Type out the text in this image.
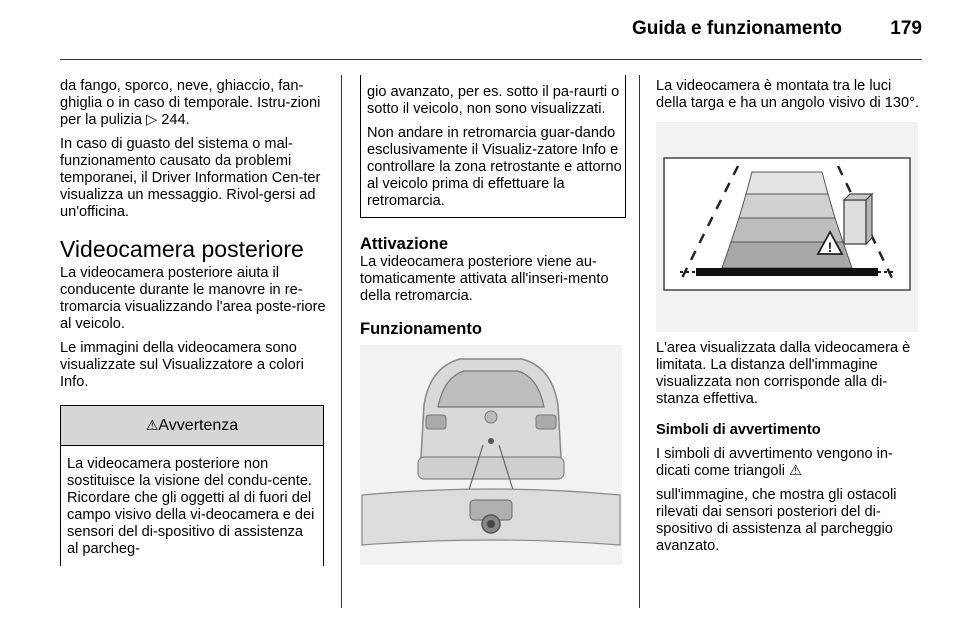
Guida e funzionamento	179

da fango, sporco, neve, ghiaccio, fan-ghiglia o in caso di temporale. Istru-zioni per la pulizia ▷ 244.

In caso di guasto del sistema o mal-funzionamento causato da problemi temporanei, il Driver Information Cen-ter visualizza un messaggio. Rivol-gersi ad un'officina.

Videocamera posteriore

La videocamera posteriore aiuta il conducente durante le manovre in re-tromarcia visualizzando l'area poste-riore al veicolo.

Le immagini della videocamera sono visualizzate sul Visualizzatore a colori Info.

⚠Avvertenza
La videocamera posteriore non sostituisce la visione del condu-cente. Ricordare che gli oggetti al di fuori del campo visivo della vi-deocamera e dei sensori del di-spositivo di assistenza al parcheg-

gio avanzato, per es. sotto il pa-raurti o sotto il veicolo, non sono visualizzati.

Non andare in retromarcia guar-dando esclusivamente il Visualiz-zatore Info e controllare la zona retrostante e attorno al veicolo prima di effettuare la retromarcia.

Attivazione

La videocamera posteriore viene au-tomaticamente attivata all'inseri-mento della retromarcia.

Funzionamento

La videocamera è montata tra le luci della targa e ha un angolo visivo di 130°.

!

L'area visualizzata dalla videocamera è limitata. La distanza dell'immagine visualizzata non corrisponde alla di-stanza effettiva.

Simboli di avvertimento

I simboli di avvertimento vengono in-dicati come triangoli ⚠

sull'immagine, che mostra gli ostacoli rilevati dai sensori posteriori del di-spositivo di assistenza al parcheggio avanzato.
